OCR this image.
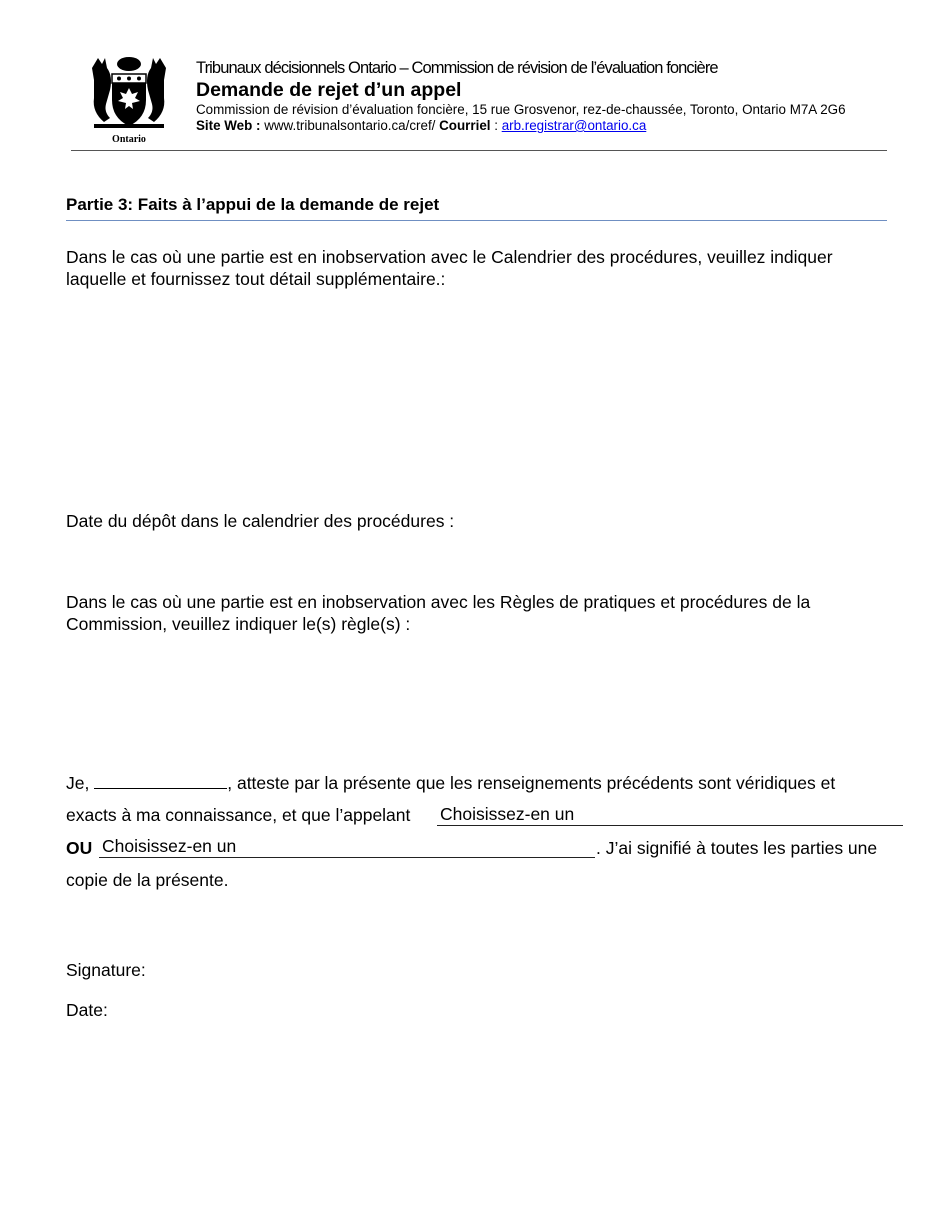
Ontario
Tribunaux décisionnels Ontario – Commission de révision de l’évaluation foncière
Demande de rejet d’un appel
Commission de révision d’évaluation foncière, 15 rue Grosvenor, rez-de-chaussée, Toronto, Ontario M7A 2G6
Site Web : www.tribunalsontario.ca/cref/ Courriel : arb.registrar@ontario.ca
Partie 3: Faits à l’appui de la demande de rejet
Dans le cas où une partie est en inobservation avec le Calendrier des procédures, veuillez indiquer laquelle et fournissez tout détail supplémentaire.:
Date du dépôt dans le calendrier des procédures :
Dans le cas où une partie est en inobservation avec les Règles de pratiques et procédures de la Commission, veuillez indiquer le(s) règle(s) :
Je,	, atteste par la présente que les renseignements précédents sont véridiques et
exacts à ma connaissance, et que l’appelant Choisissez-en un
OU Choisissez-en un	. J’ai signifié à toutes les parties une
copie de la présente.
Signature:
Date:
